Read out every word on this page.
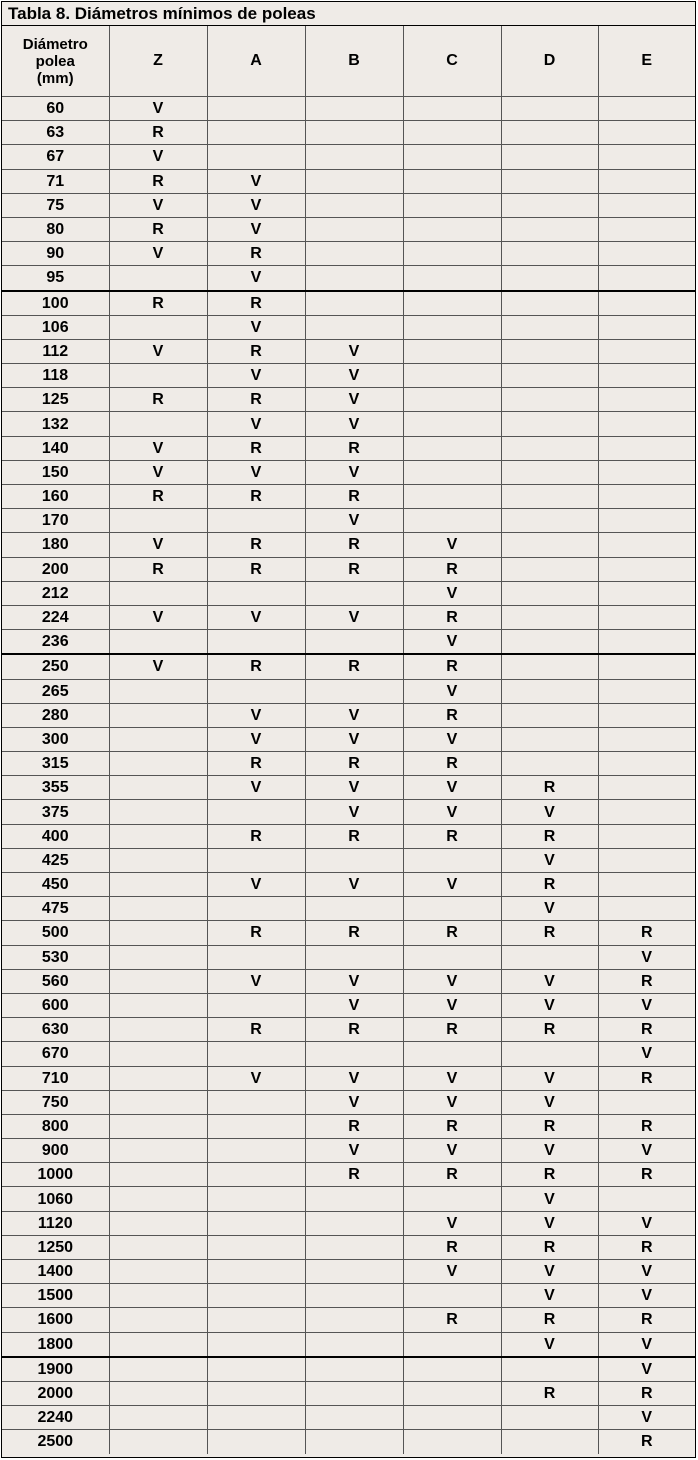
Tabla 8. Diámetros mínimos de poleas
Diámetro
polea
(mm)	Z	A	B	C	D	E
60	V					
63	R					
67	V					
71	R	V				
75	V	V				
80	R	V				
90	V	R				
95		V				
100	R	R				
106		V				
112	V	R	V			
118		V	V			
125	R	R	V			
132		V	V			
140	V	R	R			
150	V	V	V			
160	R	R	R			
170			V			
180	V	R	R	V		
200	R	R	R	R		
212				V		
224	V	V	V	R		
236				V		
250	V	R	R	R		
265				V		
280		V	V	R		
300		V	V	V		
315		R	R	R		
355		V	V	V	R	
375			V	V	V	
400		R	R	R	R	
425					V	
450		V	V	V	R	
475					V	
500		R	R	R	R	R
530						V
560		V	V	V	V	R
600			V	V	V	V
630		R	R	R	R	R
670						V
710		V	V	V	V	R
750			V	V	V	
800			R	R	R	R
900			V	V	V	V
1000			R	R	R	R
1060					V	
1120				V	V	V
1250				R	R	R
1400				V	V	V
1500					V	V
1600				R	R	R
1800					V	V
1900						V
2000					R	R
2240						V
2500						R
